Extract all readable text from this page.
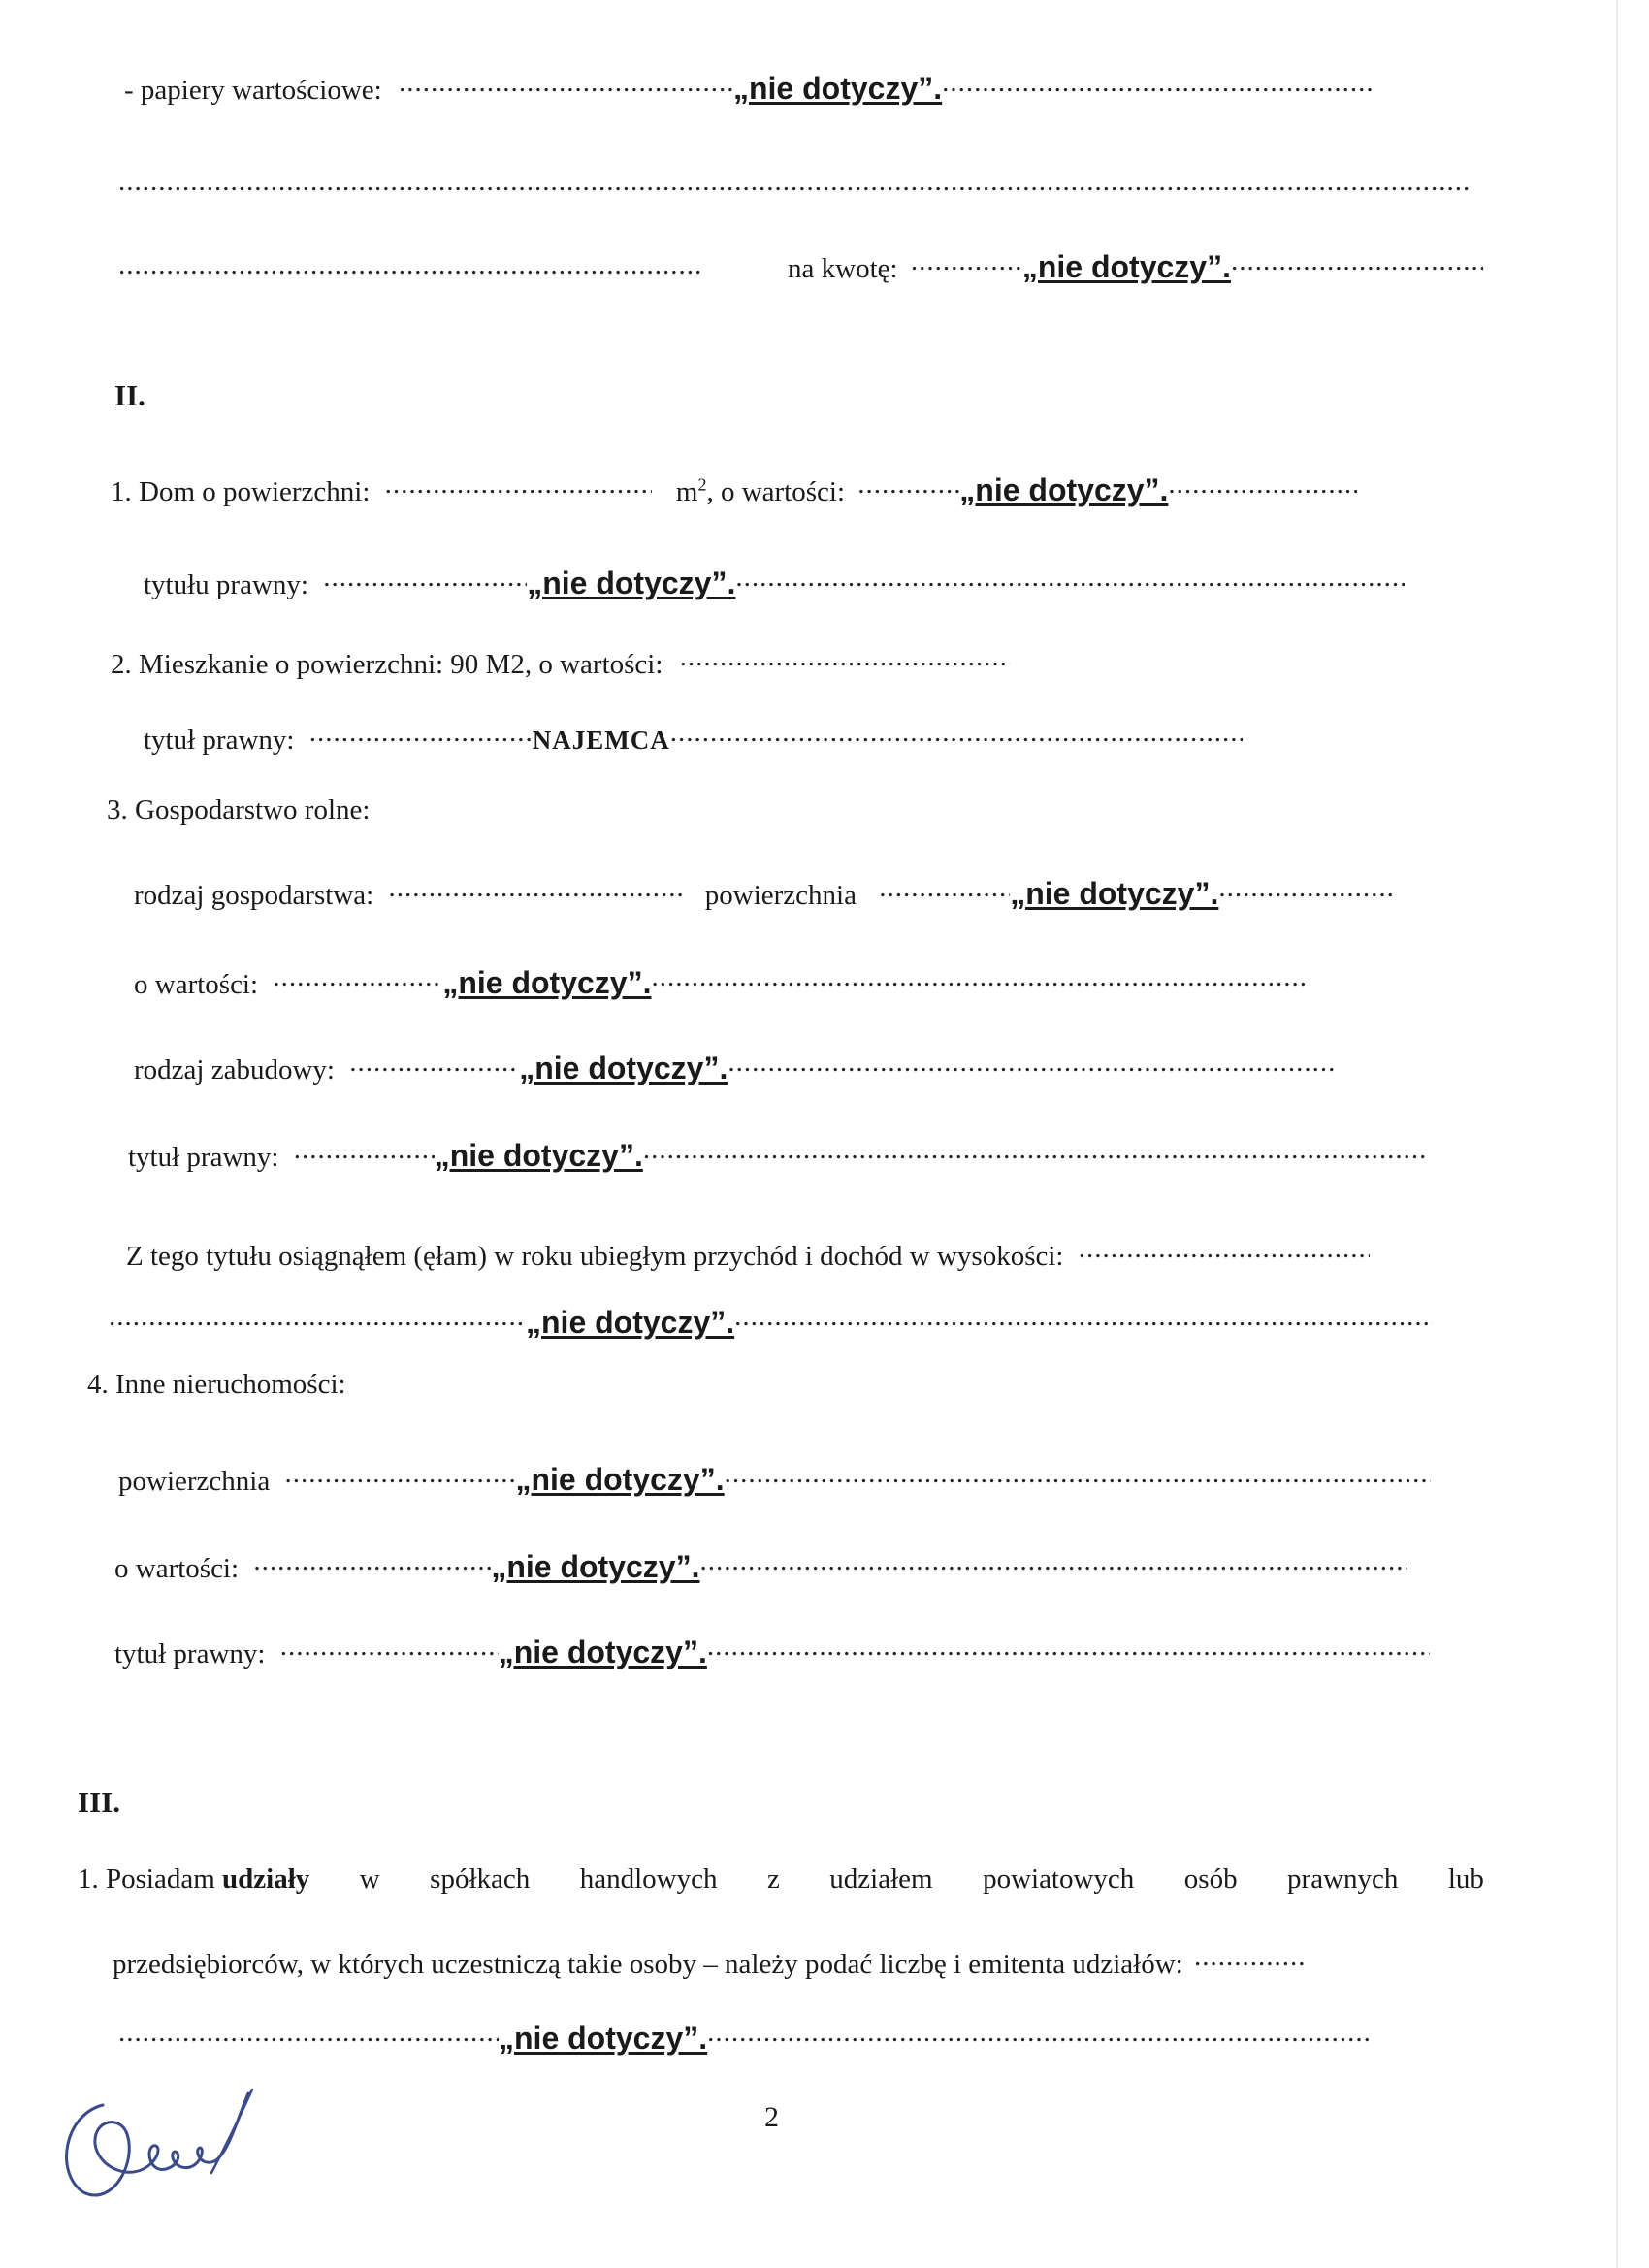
- papiery wartościowe: .....	„nie dotyczy”......
.....
.....
na kwotę: .....	„nie dotyczy”......
II.
1. Dom o powierzchni: .....	$m^2$, o wartości: .....	„nie dotyczy”......
tytułu prawny: .....	„nie dotyczy”......
2. Mieszkanie o powierzchni: 90 M2, o wartości: .....
tytuł prawny: .....	NAJEMCA.....
3. Gospodarstwo rolne:
rodzaj gospodarstwa: .....	powierzchnia .....	„nie dotyczy”......
o wartości: .....	„nie dotyczy”......
rodzaj zabudowy: .....	„nie dotyczy”......
tytuł prawny: .....	„nie dotyczy”......
Z tego tytułu osiągnąłem (ęłam) w roku ubiegłym przychód i dochód w wysokości: .....
.....„nie dotyczy”......
4. Inne nieruchomości:
powierzchnia .....	„nie dotyczy”......
o wartości: .....	„nie dotyczy”......
tytuł prawny: .....	„nie dotyczy”......
III.
1. Posiadam udziały w spółkach handlowych z udziałem powiatowych osób prawnych lub
przedsiębiorców, w których uczestniczą takie osoby – należy podać liczbę i emitenta udziałów: .....
.....„nie dotyczy”......
2
